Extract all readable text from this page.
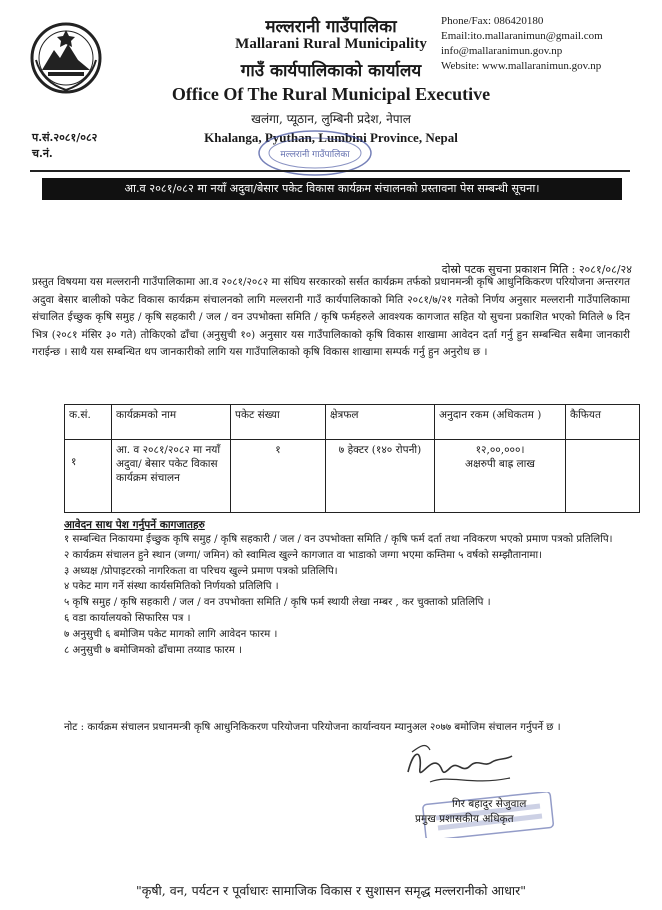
मल्लरानी गाउँपालिका
Mallarani Rural Municipality
गाउँ कार्यपालिकाको कार्यालय
Office Of The Rural Municipal Executive
खलंगा, प्यूठान, लुम्बिनी प्रदेश, नेपाल
Khalanga, Pyuthan, Lumbini Province, Nepal
Phone/Fax: 086420180
Email:ito.mallaranimun@gmail.com
info@mallaranimun.gov.np
Website: www.mallaranimun.gov.np
प.सं.२०८१/०८२
च.नं.	मल्लरानी गाउँपालिका
आ.व २०८१/०८२ मा नयाँ अदुवा/बेसार पकेट विकास कार्यक्रम संचालनको प्रस्तावना पेस सम्बन्धी सूचना।
दोस्रो पटक सुचना प्रकाशन मिति : २०८१/०८/२४
प्रस्तुत विषयमा यस मल्लरानी गाउँपालिकामा आ.व २०८१/२०८२ मा संघिय सरकारको सर्सत कार्यक्रम तर्फको प्रधानमन्त्री कृषि आधुनिकिकरण परियोजना अन्तरगत अदुवा बेसार बालीको पकेट विकास कार्यक्रम संचालनको लागि मल्लरानी गाउँ कार्यपालिकाको मिति २०८१/७/२१ गतेको निर्णय अनुसार मल्लरानी गाउँपालिकामा संचालित ईच्छुक कृषि समुह / कृषि सहकारी / जल / वन उपभोक्ता समिति / कृषि फर्महरुले आवश्यक कागजात सहित यो सुचना प्रकाशित भएको मितिले ७ दिन भित्र (२०८१ मंसिर ३० गते) तोकिएको ढाँचा (अनुसुची १०) अनुसार यस गाउँपालिकाको कृषि विकास शाखामा आवेदन दर्ता गर्नु हुन सम्बन्धित सबैमा जानकारी गराईन्छ । साथै यस सम्बन्धित थप जानकारीको लागि यस गाउँपालिकाको कृषि विकास शाखामा सम्पर्क गर्नु हुन अनुरोध छ ।
क.सं.	कार्यक्रमको नाम	पकेट संख्या	क्षेत्रफल	अनुदान रकम (अधिकतम )	कैफियत

१	आ. व २०८१/२०८२ मा नयाँ अदुवा/ बेसार पकेट विकास कार्यक्रम संचालन	१	७ हेक्टर (१४० रोपनी)	१२,००,०००।
अक्षरुपी बाह्र लाख	

आवेदन साथ पेश गर्नुपर्ने कागजातहरु
१ सम्बन्धित निकायमा ईच्छुक कृषि समुह / कृषि सहकारी / जल / वन उपभोक्ता समिति / कृषि फर्म दर्ता तथा नविकरण भएको प्रमाण पत्रको प्रतिलिपि।
२ कार्यक्रम संचालन हुने स्थान (जग्गा/ जमिन) को स्वामित्व खुल्ने कागजात वा भाडाको जग्गा भएमा कम्तिमा ५ वर्षको सम्झौतानामा।
३ अध्यक्ष /प्रोपाइटरको नागरिकता वा परिचय खुल्ने प्रमाण पत्रको प्रतिलिपि।
४ पकेट माग गर्ने संस्था कार्यसमितिको निर्णयको प्रतिलिपि ।
५ कृषि समुह / कृषि सहकारी / जल / वन उपभोक्ता समिति / कृषि फर्म स्थायी लेखा नम्बर , कर चुक्ताको प्रतिलिपि ।
६ वडा कार्यालयको सिफारिस पत्र ।
७ अनुसुची ६ बमोजिम पकेट मागको लागि आवेदन फारम ।
८ अनुसुची ७ बमोजिमको ढाँचामा तय्याड फारम ।
नोट : कार्यक्रम संचालन प्रधानमन्त्री कृषि आधुनिकिकरण परियोजना परियोजना कार्यान्वयन म्यानुअल २०७७ बमोजिम संचालन गर्नुपर्ने छ ।
गिर बहादुर सेजुवाल
प्रमुख प्रशासकीय अधिकृत
"कृषी, वन, पर्यटन र पूर्वाधारः सामाजिक विकास र सुशासन समृद्ध मल्लरानीको आधार"
